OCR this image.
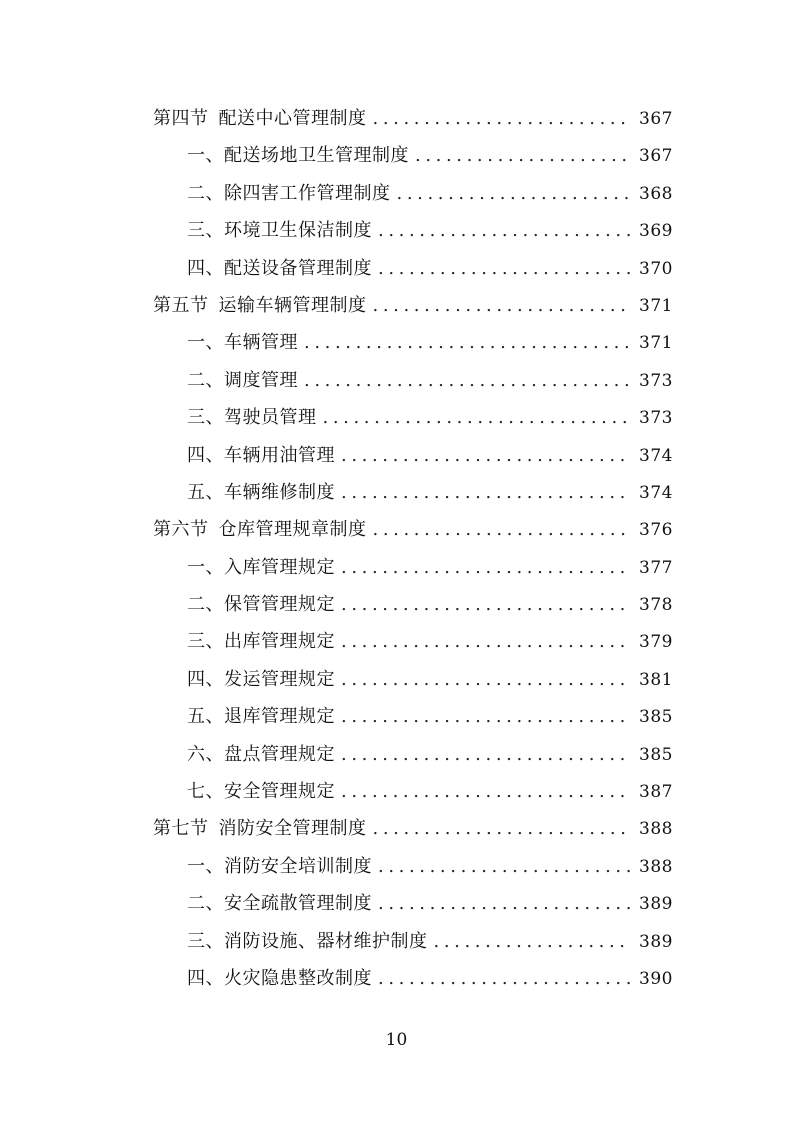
第四节 配送中心管理制度 .....	367
一、配送场地卫生管理制度 .....	367
二、除四害工作管理制度 .....	368
三、环境卫生保洁制度 .....	369
四、配送设备管理制度 .....	370
第五节 运输车辆管理制度 .....	371
一、车辆管理 .....	371
二、调度管理 .....	373
三、驾驶员管理 .....	373
四、车辆用油管理 .....	374
五、车辆维修制度 .....	374
第六节 仓库管理规章制度 .....	376
一、入库管理规定 .....	377
二、保管管理规定 .....	378
三、出库管理规定 .....	379
四、发运管理规定 .....	381
五、退库管理规定 .....	385
六、盘点管理规定 .....	385
七、安全管理规定 .....	387
第七节 消防安全管理制度 .....	388
一、消防安全培训制度 .....	388
二、安全疏散管理制度 .....	389
三、消防设施、器材维护制度 .....	389
四、火灾隐患整改制度 .....	390
10
